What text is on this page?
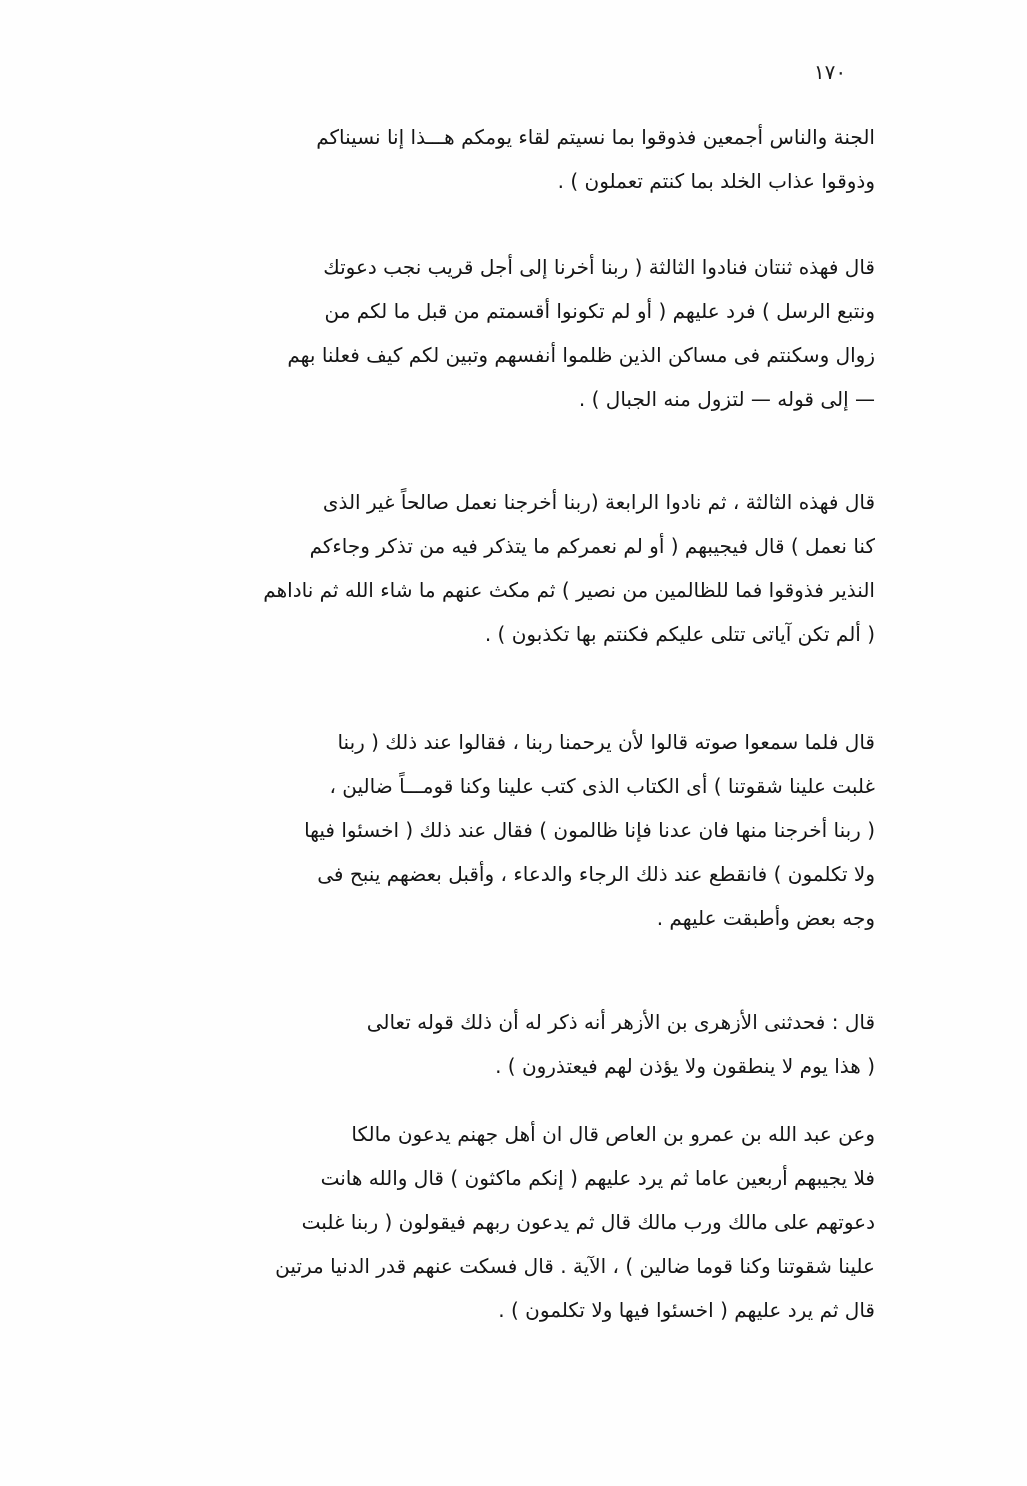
١٧٠
الجنة والناس أجمعين فذوقوا بما نسيتم لقاء يومكم هـــذا إنا نسيناكم
وذوقوا عذاب الخلد بما كنتم تعملون ) .
قال فهذه ثنتان فنادوا الثالثة ( ربنا أخرنا إلى أجل قريب نجب دعوتك
ونتبع الرسل ) فرد عليهم ( أو لم تكونوا أقسمتم من قبل ما لكم من
زوال وسكنتم فى مساكن الذين ظلموا أنفسهم وتبين لكم كيف فعلنا بهم
— إلى قوله — لتزول منه الجبال ) .
قال فهذه الثالثة ، ثم نادوا الرابعة (ربنا أخرجنا نعمل صالحاً غير الذى
كنا نعمل ) قال فيجيبهم ( أو لم نعمركم ما يتذكر فيه من تذكر وجاءكم
النذير فذوقوا فما للظالمين من نصير ) ثم مكث عنهم ما شاء الله ثم ناداهم
( ألم تكن آياتى تتلى عليكم فكنتم بها تكذبون ) .
قال فلما سمعوا صوته قالوا لأن يرحمنا ربنا ، فقالوا عند ذلك ( ربنا
غلبت علينا شقوتنا ) أى الكتاب الذى كتب علينا وكنا قومـــاً ضالين ،
( ربنا أخرجنا منها فان عدنا فإنا ظالمون ) فقال عند ذلك ( اخسئوا فيها
ولا تكلمون ) فانقطع عند ذلك الرجاء والدعاء ، وأقبل بعضهم ينبح فى
وجه بعض وأطبقت عليهم .
قال : فحدثنى الأزهرى بن الأزهر أنه ذكر له أن ذلك قوله تعالى
( هذا يوم لا ينطقون ولا يؤذن لهم فيعتذرون ) .
وعن عبد الله بن عمرو بن العاص قال ان أهل جهنم يدعون مالكا
فلا يجيبهم أربعين عاما ثم يرد عليهم ( إنكم ماكثون ) قال والله هانت
دعوتهم على مالك ورب مالك قال ثم يدعون ربهم فيقولون ( ربنا غلبت
علينا شقوتنا وكنا قوما ضالين ) ، الآية . قال فسكت عنهم قدر الدنيا مرتين
قال ثم يرد عليهم ( اخسئوا فيها ولا تكلمون ) .
